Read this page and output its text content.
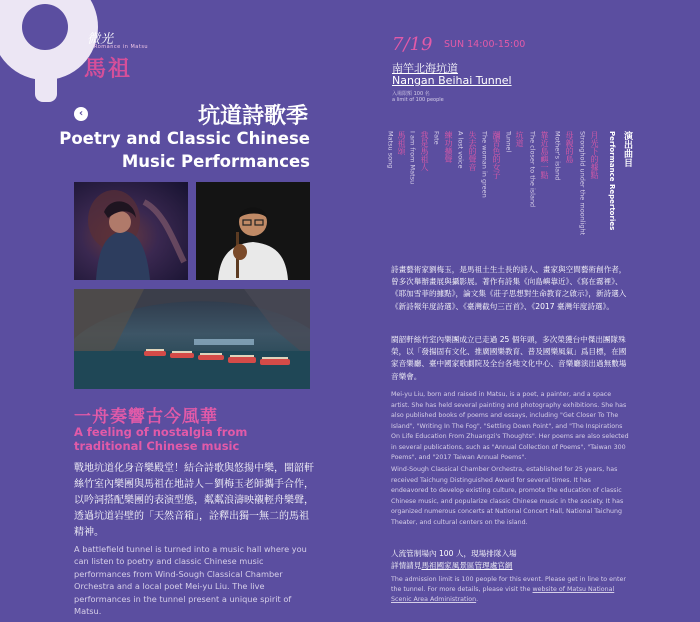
微光
Romance in Matsu
馬祖
‹	坑道詩歌季
Poetry and Classic Chinese Music Performances
一舟奏響古今風華
A feeling of nostalgia from traditional Chinese music

戰地坑道化身音樂殿堂！結合詩歌與悠揚中樂，閩韶軒絲竹室內樂團與馬祖在地詩人－劉梅玉老師攜手合作，以吟詞搭配樂團的表演型態，粼粼浪濤映襯輕舟樂聲，透過坑道岩壁的「天然音箱」，詮釋出獨一無二的馬祖精神。

A battlefield tunnel is turned into a music hall where you can listen to poetry and classic Chinese music performances from Wind-Sough Classical Chamber Orchestra and a local poet Mei-yu Liu. The live performances in the tunnel present a unique spirit of Matsu.

7/19 SUN 14:00-15:00
南竿北海坑道
Nangan Beihai Tunnel
入場限額 100 名
a limit of 100 people
演出曲目
Performance Repertories
月光下的據點
Stronghold under the moonlight
母親的島
Mother's island
靠近島嶼一點
The closer to the island
坑道
Tunnel
瀰青色的女子
The woman in green
失去的聲音
A lost voice
練功擴聲
Fate
我是馬祖人
I am from Matsu
馬祖頌
Matsu song

詩畫藝術家劉梅玉，是馬祖土生土長的詩人、畫家與空間藝術創作者，曾多次舉辦畫展與攝影展。著作有詩集《向島嶼靠近》、《寫在霧裡》、《耶加雪菲的據點》，論文集《莊子思想對生命教育之啟示》，新詩選入《新詩報年度詩選》、《臺灣截句三百首》、《2017 臺灣年度詩選》。

閩韶軒絲竹室內樂團成立已走過 25 個年頭，多次榮獲台中傑出團隊殊榮，以「發揚固有文化、推廣國樂教育、普及國樂風氣」爲目標，在國家音樂廳、臺中國家歌劇院及全台各地文化中心、音樂廳演出過無數場音樂會。

Mei-yu Liu, born and raised in Matsu, is a poet, a painter, and a space artist. She has held several painting and photography exhibitions. She has also published books of poems and essays, including "Get Closer To The Island", "Writing In The Fog", "Settling Down Point", and "The Inspirations On Life Education From Zhuangzi's Thoughts". Her poems are also selected in several publications, such as "Annual Collection of Poems", "Taiwan 300 Poems", and "2017 Taiwan Annual Poems".

Wind-Sough Classical Chamber Orchestra, established for 25 years, has received Taichung Distinguished Award for several times. It has endeavored to develop existing culture, promote the education of classic Chinese music, and popularize classic Chinese music in the society. It has organized numerous concerts at National Concert Hall, National Taichung Theater, and cultural centers on the island.

人流管制場內 100 人，現場排隊入場
詳情請見馬祖國家風景區管理處官網
The admission limit is 100 people for this event. Please get in line to enter the tunnel. For more details, please visit the website of Matsu National Scenic Area Administration.
